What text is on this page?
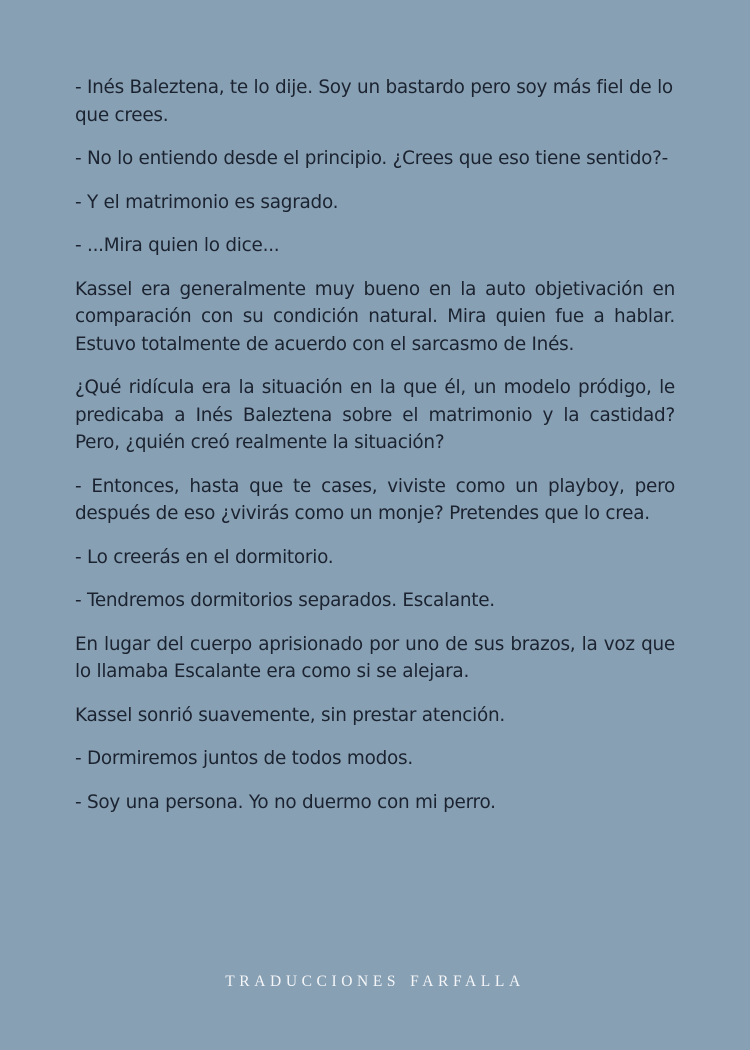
- Inés Baleztena, te lo dije. Soy un bastardo pero soy más fiel de lo que crees.

- No lo entiendo desde el principio. ¿Crees que eso tiene sentido?-

- Y el matrimonio es sagrado.

- ...Mira quien lo dice...

Kassel era generalmente muy bueno en la auto objetivación en comparación con su condición natural. Mira quien fue a hablar. Estuvo totalmente de acuerdo con el sarcasmo de Inés.

¿Qué ridícula era la situación en la que él, un modelo pródigo, le predicaba a Inés Baleztena sobre el matrimonio y la castidad? Pero, ¿quién creó realmente la situación?

- Entonces, hasta que te cases, viviste como un playboy, pero después de eso ¿vivirás como un monje? Pretendes que lo crea.

- Lo creerás en el dormitorio.

- Tendremos dormitorios separados. Escalante.

En lugar del cuerpo aprisionado por uno de sus brazos, la voz que lo llamaba Escalante era como si se alejara.

Kassel sonrió suavemente, sin prestar atención.

- Dormiremos juntos de todos modos.

- Soy una persona. Yo no duermo con mi perro.

TRADUCCIONES FARFALLA
